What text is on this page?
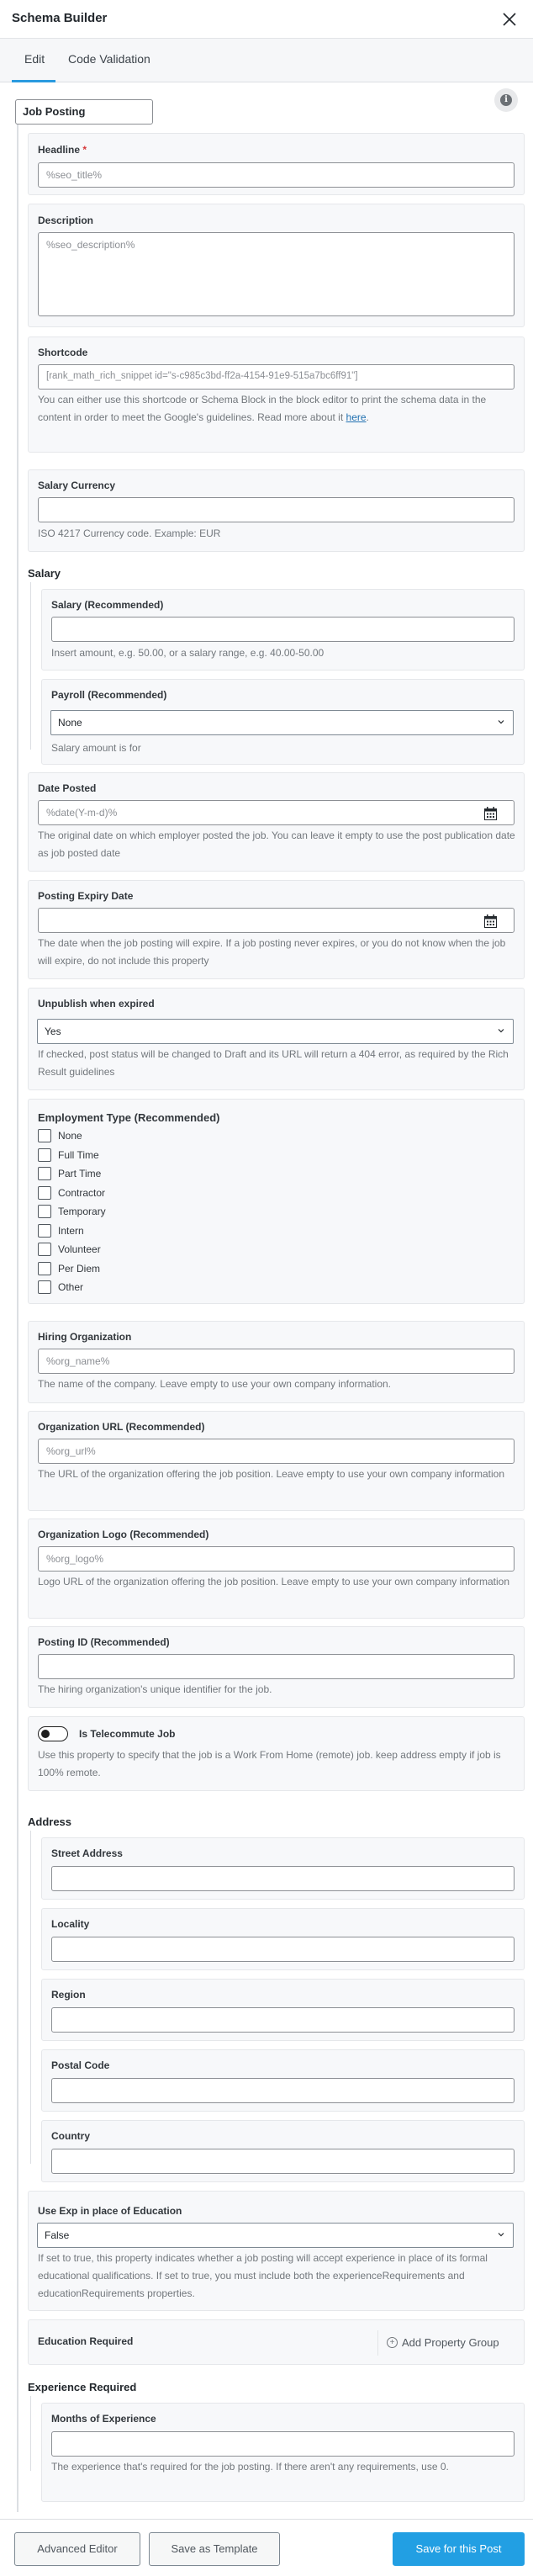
Schema Builder
Edit Code Validation
i
Job Posting
Headline *
%seo_title%
Description
%seo_description%
Shortcode
[rank_math_rich_snippet id="s-c985c3bd-ff2a-4154-91e9-515a7bc6ff91"]
You can either use this shortcode or Schema Block in the block editor to print the schema data in the content in order to meet the Google's guidelines. Read more about it here.
Salary Currency
ISO 4217 Currency code. Example: EUR
Salary
Salary (Recommended)
Insert amount, e.g. 50.00, or a salary range, e.g. 40.00-50.00
Payroll (Recommended)
None
Salary amount is for
Date Posted
%date(Y-m-d)%
The original date on which employer posted the job. You can leave it empty to use the post publication date as job posted date
Posting Expiry Date
The date when the job posting will expire. If a job posting never expires, or you do not know when the job will expire, do not include this property
Unpublish when expired
Yes
If checked, post status will be changed to Draft and its URL will return a 404 error, as required by the Rich Result guidelines
Employment Type (Recommended)
None
Full Time
Part Time
Contractor
Temporary
Intern
Volunteer
Per Diem
Other
Hiring Organization
%org_name%
The name of the company. Leave empty to use your own company information.
Organization URL (Recommended)
%org_url%
The URL of the organization offering the job position. Leave empty to use your own company information
Organization Logo (Recommended)
%org_logo%
Logo URL of the organization offering the job position. Leave empty to use your own company information
Posting ID (Recommended)
The hiring organization's unique identifier for the job.
Is Telecommute Job
Use this property to specify that the job is a Work From Home (remote) job. keep address empty if job is 100% remote.
Address
Street Address
Locality
Region
Postal Code
Country
Use Exp in place of Education
False
If set to true, this property indicates whether a job posting will accept experience in place of its formal educational qualifications. If set to true, you must include both the experienceRequirements and educationRequirements properties.
Education Required	+ Add Property Group
Experience Required
Months of Experience
The experience that's required for the job posting. If there aren't any requirements, use 0.
Advanced Editor	Save as Template	Save for this Post
